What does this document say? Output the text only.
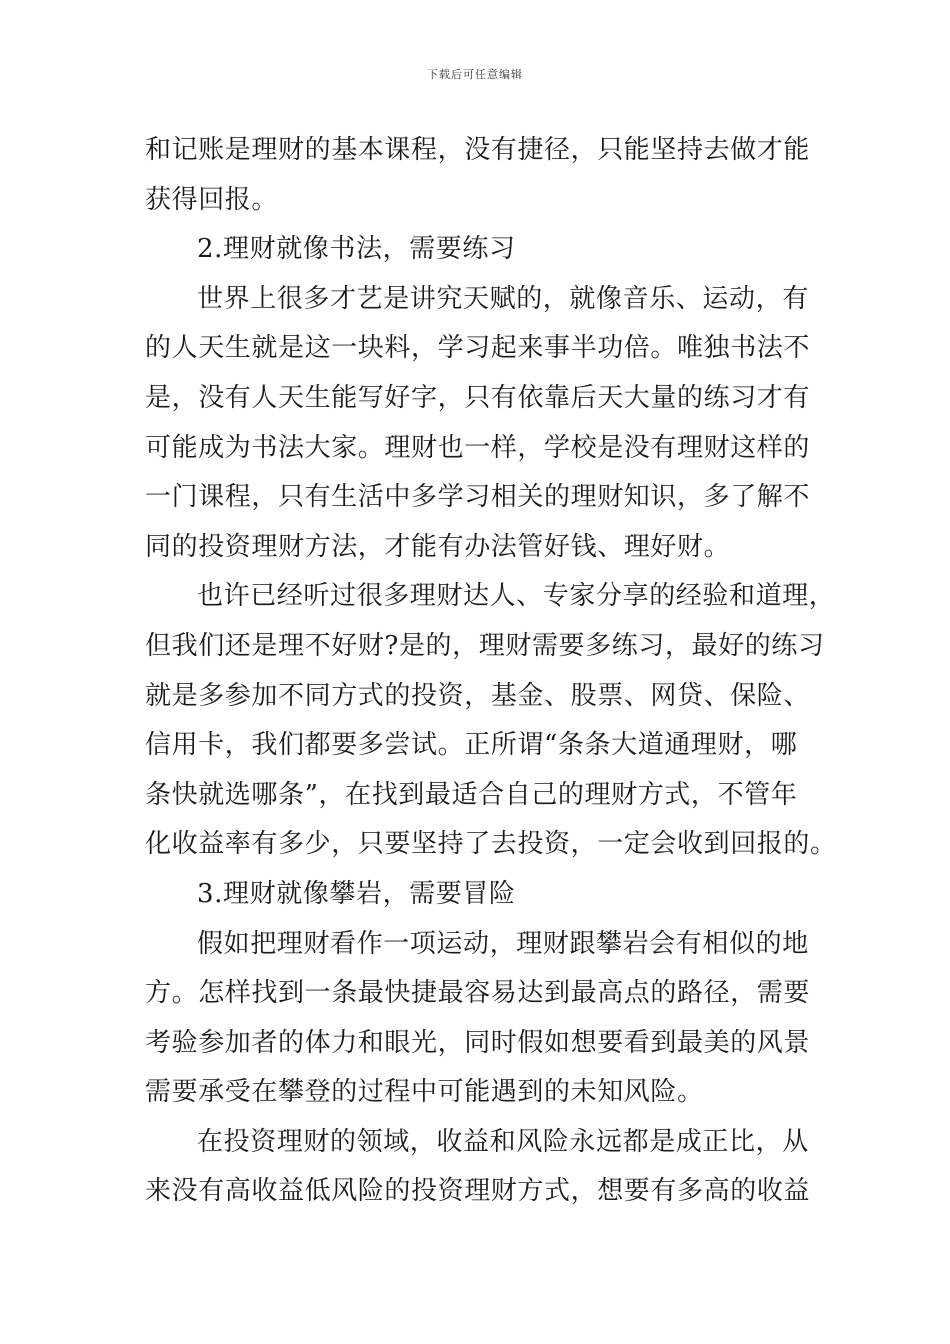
下载后可任意编辑
和记账是理财的基本课程，没有捷径，只能坚持去做才能
获得回报。
2.理财就像书法，需要练习
世界上很多才艺是讲究天赋的，就像音乐、运动，有
的人天生就是这一块料，学习起来事半功倍。唯独书法不
是，没有人天生能写好字，只有依靠后天大量的练习才有
可能成为书法大家。理财也一样，学校是没有理财这样的
一门课程，只有生活中多学习相关的理财知识，多了解不
同的投资理财方法，才能有办法管好钱、理好财。
也许已经听过很多理财达人、专家分享的经验和道理，
但我们还是理不好财?是的，理财需要多练习，最好的练习
就是多参加不同方式的投资，基金、股票、网贷、保险、
信用卡，我们都要多尝试。正所谓“条条大道通理财，哪
条快就选哪条”，在找到最适合自己的理财方式，不管年
化收益率有多少，只要坚持了去投资，一定会收到回报的。
3.理财就像攀岩，需要冒险
假如把理财看作一项运动，理财跟攀岩会有相似的地
方。怎样找到一条最快捷最容易达到最高点的路径，需要
考验参加者的体力和眼光，同时假如想要看到最美的风景
需要承受在攀登的过程中可能遇到的未知风险。
在投资理财的领域，收益和风险永远都是成正比，从
来没有高收益低风险的投资理财方式，想要有多高的收益
